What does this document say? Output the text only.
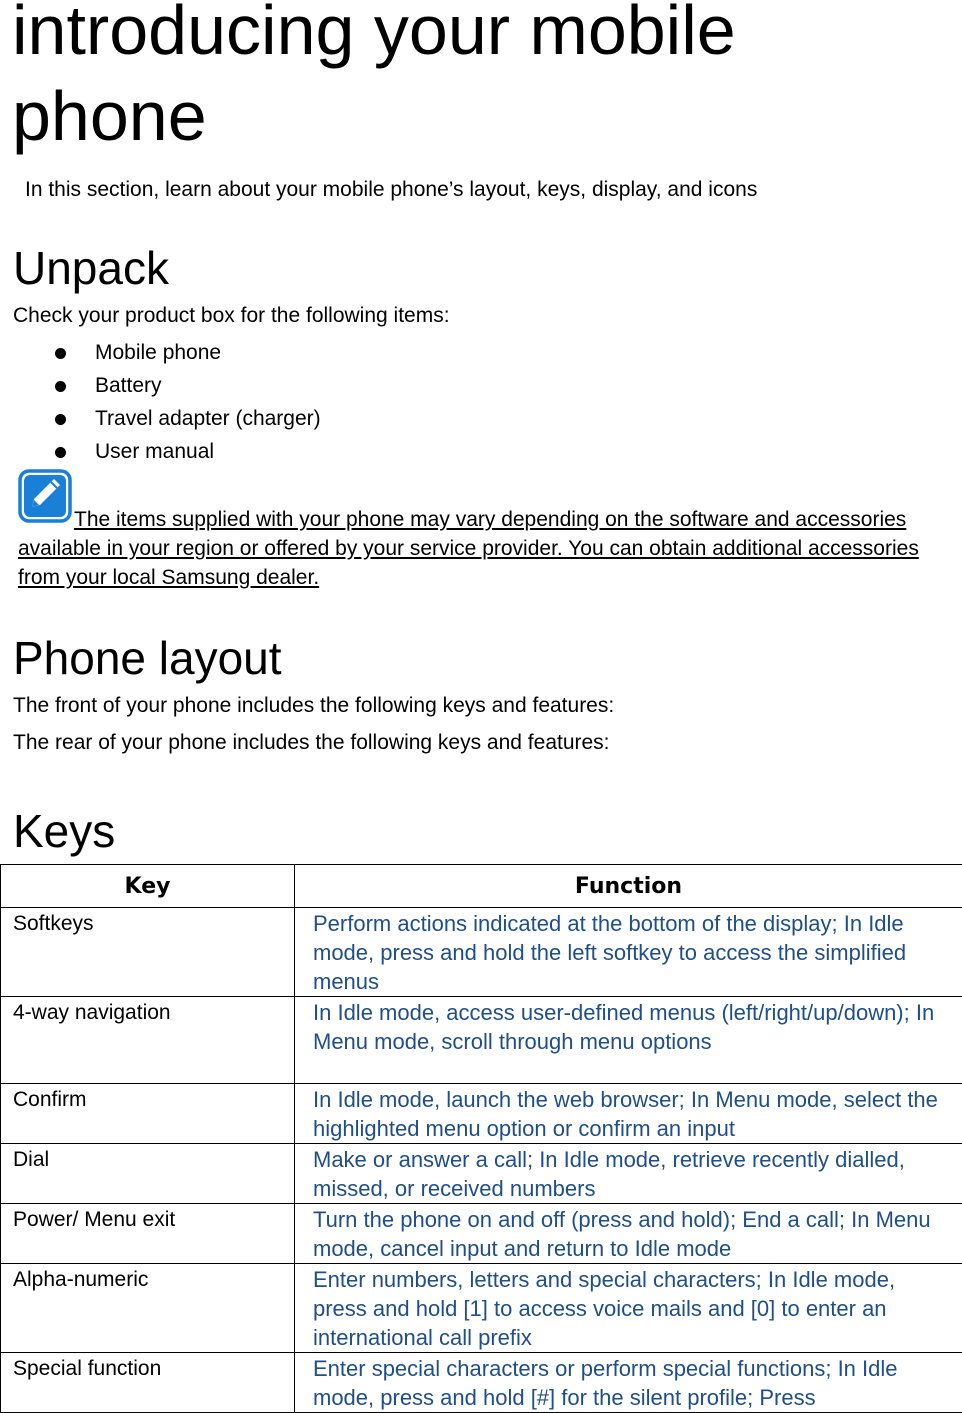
introducing your mobile
phone

In this section, learn about your mobile phone’s layout, keys, display, and icons

Unpack

Check your product box for the following items:

Mobile phone
Battery
Travel adapter (charger)
User manual
The items supplied with your phone may vary depending on the software and accessories available in your region or offered by your service provider. You can obtain additional accessories from your local Samsung dealer.
Phone layout

The front of your phone includes the following keys and features:

The rear of your phone includes the following keys and features:

Keys
Key	Function
Softkeys	Perform actions indicated at the bottom of the display; In Idle mode, press and hold the left softkey to access the simplified menus
4-way navigation	In Idle mode, access user-defined menus (left/right/up/down); In Menu mode, scroll through menu options
Confirm	In Idle mode, launch the web browser; In Menu mode, select the highlighted menu option or confirm an input
Dial	Make or answer a call; In Idle mode, retrieve recently dialled, missed, or received numbers
Power/ Menu exit	Turn the phone on and off (press and hold); End a call; In Menu mode, cancel input and return to Idle mode
Alpha-numeric	Enter numbers, letters and special characters; In Idle mode, press and hold [1] to access voice mails and [0] to enter an international call prefix
Special function	Enter special characters or perform special functions; In Idle mode, press and hold [#] for the silent profile; Press
